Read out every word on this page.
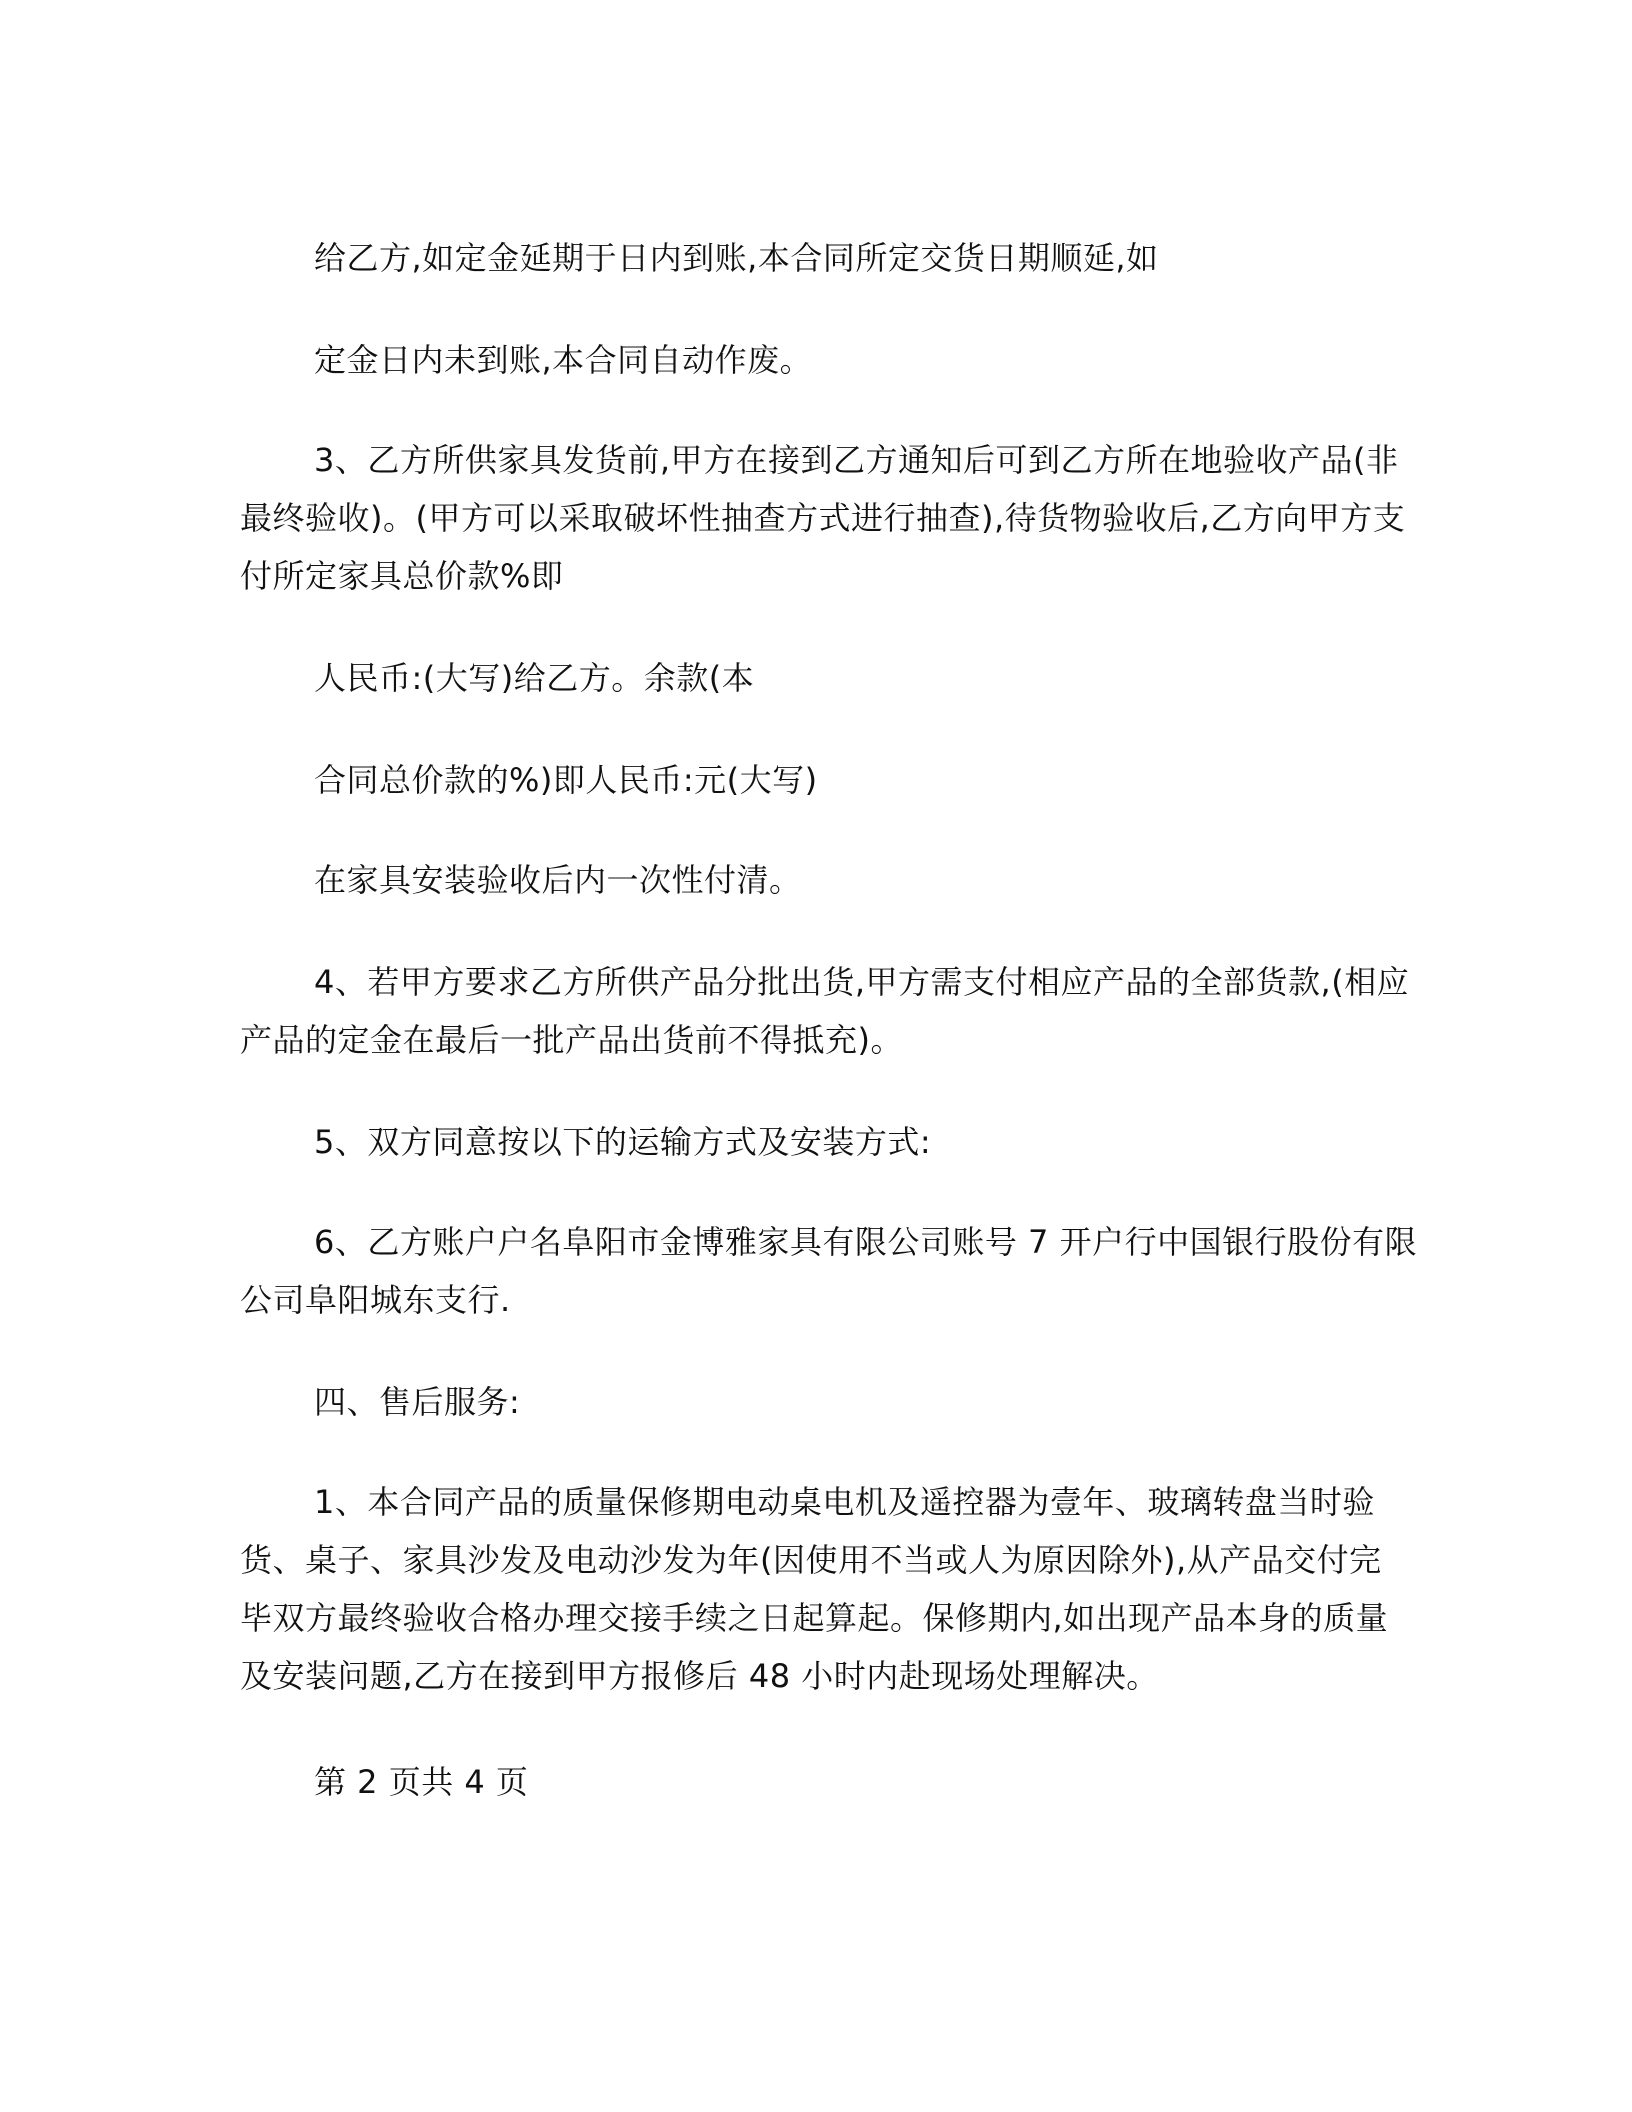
给乙方,如定金延期于日内到账,本合同所定交货日期顺延,如
定金日内未到账,本合同自动作废。
3、乙方所供家具发货前,甲方在接到乙方通知后可到乙方所在地验收产品(非
最终验收)。(甲方可以采取破坏性抽查方式进行抽查),待货物验收后,乙方向甲方支
付所定家具总价款%即
人民币:(大写)给乙方。余款(本
合同总价款的%)即人民币:元(大写)
在家具安装验收后内一次性付清。
4、若甲方要求乙方所供产品分批出货,甲方需支付相应产品的全部货款,(相应
产品的定金在最后一批产品出货前不得抵充)。
5、双方同意按以下的运输方式及安装方式:
6、乙方账户户名阜阳市金博雅家具有限公司账号 7 开户行中国银行股份有限
公司阜阳城东支行.
四、售后服务:
1、本合同产品的质量保修期电动桌电机及遥控器为壹年、玻璃转盘当时验
货、桌子、家具沙发及电动沙发为年(因使用不当或人为原因除外),从产品交付完
毕双方最终验收合格办理交接手续之日起算起。保修期内,如出现产品本身的质量
及安装问题,乙方在接到甲方报修后 48 小时内赴现场处理解决。
第 2 页共 4 页
